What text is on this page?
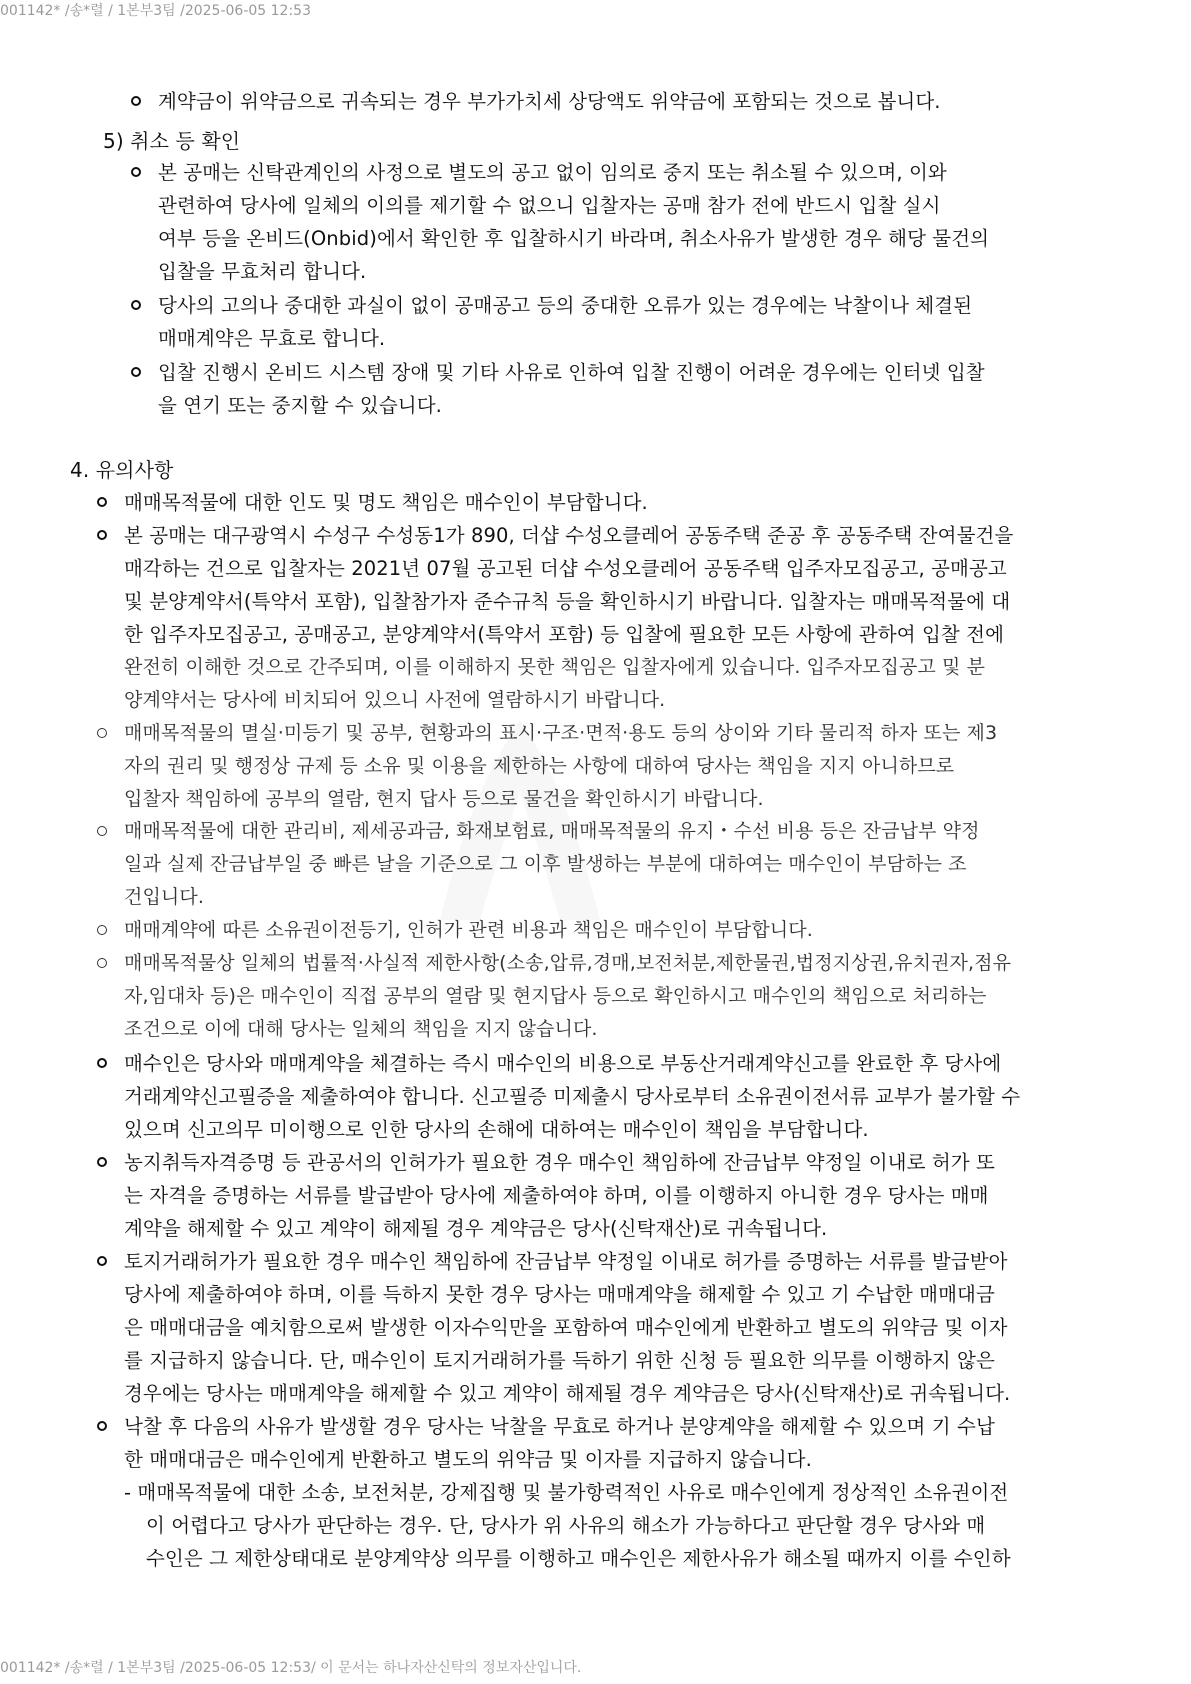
001142* /송*렬 / 1본부3팀 /2025-06-05 12:53
계약금이 위약금으로 귀속되는 경우 부가가치세 상당액도 위약금에 포함되는 것으로 봅니다.
5) 취소 등 확인
본 공매는 신탁관계인의 사정으로 별도의 공고 없이 임의로 중지 또는 취소될 수 있으며, 이와
관련하여 당사에 일체의 이의를 제기할 수 없으니 입찰자는 공매 참가 전에 반드시 입찰 실시
여부 등을 온비드(Onbid)에서 확인한 후 입찰하시기 바라며, 취소사유가 발생한 경우 해당 물건의
입찰을 무효처리 합니다.
당사의 고의나 중대한 과실이 없이 공매공고 등의 중대한 오류가 있는 경우에는 낙찰이나 체결된
매매계약은 무효로 합니다.
입찰 진행시 온비드 시스템 장애 및 기타 사유로 인하여 입찰 진행이 어려운 경우에는 인터넷 입찰
을 연기 또는 중지할 수 있습니다.
4. 유의사항
매매목적물에 대한 인도 및 명도 책임은 매수인이 부담합니다.
본 공매는 대구광역시 수성구 수성동1가 890, 더샵 수성오클레어 공동주택 준공 후 공동주택 잔여물건을
매각하는 건으로 입찰자는 2021년 07월 공고된 더샵 수성오클레어 공동주택 입주자모집공고, 공매공고
및 분양계약서(특약서 포함), 입찰참가자 준수규칙 등을 확인하시기 바랍니다. 입찰자는 매매목적물에 대
한 입주자모집공고, 공매공고, 분양계약서(특약서 포함) 등 입찰에 필요한 모든 사항에 관하여 입찰 전에
완전히 이해한 것으로 간주되며, 이를 이해하지 못한 책임은 입찰자에게 있습니다. 입주자모집공고 및 분
양계약서는 당사에 비치되어 있으니 사전에 열람하시기 바랍니다.
매매목적물의 멸실·미등기 및 공부, 현황과의 표시·구조·면적·용도 등의 상이와 기타 물리적 하자 또는 제3
자의 권리 및 행정상 규제 등 소유 및 이용을 제한하는 사항에 대하여 당사는 책임을 지지 아니하므로
입찰자 책임하에 공부의 열람, 현지 답사 등으로 물건을 확인하시기 바랍니다.
매매목적물에 대한 관리비, 제세공과금, 화재보험료, 매매목적물의 유지・수선 비용 등은 잔금납부 약정
일과 실제 잔금납부일 중 빠른 날을 기준으로 그 이후 발생하는 부분에 대하여는 매수인이 부담하는 조
건입니다.
매매계약에 따른 소유권이전등기, 인허가 관련 비용과 책임은 매수인이 부담합니다.
매매목적물상 일체의 법률적·사실적 제한사항(소송,압류,경매,보전처분,제한물권,법정지상권,유치권자,점유
자,임대차 등)은 매수인이 직접 공부의 열람 및 현지답사 등으로 확인하시고 매수인의 책임으로 처리하는
조건으로 이에 대해 당사는 일체의 책임을 지지 않습니다.
매수인은 당사와 매매계약을 체결하는 즉시 매수인의 비용으로 부동산거래계약신고를 완료한 후 당사에
거래계약신고필증을 제출하여야 합니다. 신고필증 미제출시 당사로부터 소유권이전서류 교부가 불가할 수
있으며 신고의무 미이행으로 인한 당사의 손해에 대하여는 매수인이 책임을 부담합니다.
농지취득자격증명 등 관공서의 인허가가 필요한 경우 매수인 책임하에 잔금납부 약정일 이내로 허가 또
는 자격을 증명하는 서류를 발급받아 당사에 제출하여야 하며, 이를 이행하지 아니한 경우 당사는 매매
계약을 해제할 수 있고 계약이 해제될 경우 계약금은 당사(신탁재산)로 귀속됩니다.
토지거래허가가 필요한 경우 매수인 책임하에 잔금납부 약정일 이내로 허가를 증명하는 서류를 발급받아
당사에 제출하여야 하며, 이를 득하지 못한 경우 당사는 매매계약을 해제할 수 있고 기 수납한 매매대금
은 매매대금을 예치함으로써 발생한 이자수익만을 포함하여 매수인에게 반환하고 별도의 위약금 및 이자
를 지급하지 않습니다. 단, 매수인이 토지거래허가를 득하기 위한 신청 등 필요한 의무를 이행하지 않은
경우에는 당사는 매매계약을 해제할 수 있고 계약이 해제될 경우 계약금은 당사(신탁재산)로 귀속됩니다.
낙찰 후 다음의 사유가 발생할 경우 당사는 낙찰을 무효로 하거나 분양계약을 해제할 수 있으며 기 수납
한 매매대금은 매수인에게 반환하고 별도의 위약금 및 이자를 지급하지 않습니다.
- 매매목적물에 대한 소송, 보전처분, 강제집행 및 불가항력적인 사유로 매수인에게 정상적인 소유권이전
이 어렵다고 당사가 판단하는 경우. 단, 당사가 위 사유의 해소가 가능하다고 판단할 경우 당사와 매
수인은 그 제한상태대로 분양계약상 의무를 이행하고 매수인은 제한사유가 해소될 때까지 이를 수인하
001142* /송*렬 / 1본부3팀 /2025-06-05 12:53/ 이 문서는 하나자산신탁의 정보자산입니다.
